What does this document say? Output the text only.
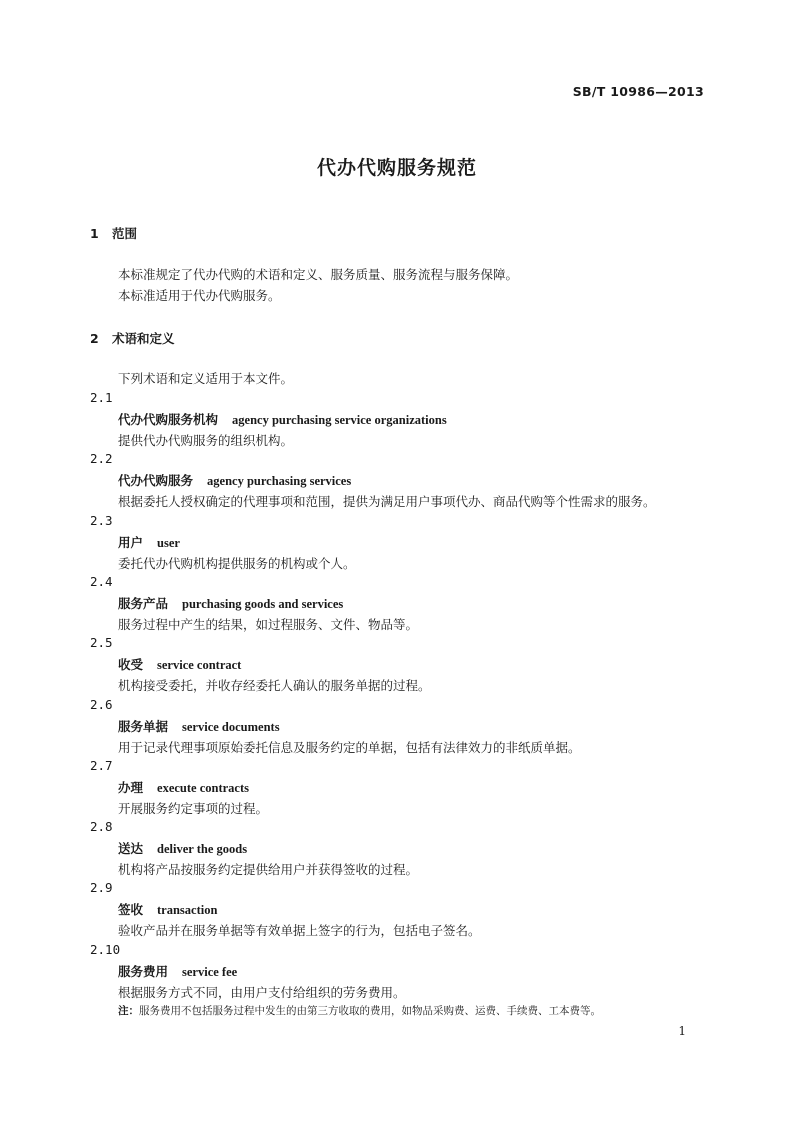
SB/T 10986—2013
代办代购服务规范
1 范围
本标准规定了代办代购的术语和定义、服务质量、服务流程与服务保障。
本标准适用于代办代购服务。
2 术语和定义
下列术语和定义适用于本文件。
2.1
代办代购服务机构 agency purchasing service organizations
提供代办代购服务的组织机构。
2.2
代办代购服务 agency purchasing services
根据委托人授权确定的代理事项和范围，提供为满足用户事项代办、商品代购等个性需求的服务。
2.3
用户 user
委托代办代购机构提供服务的机构或个人。
2.4
服务产品 purchasing goods and services
服务过程中产生的结果，如过程服务、文件、物品等。
2.5
收受 service contract
机构接受委托，并收存经委托人确认的服务单据的过程。
2.6
服务单据 service documents
用于记录代理事项原始委托信息及服务约定的单据，包括有法律效力的非纸质单据。
2.7
办理 execute contracts
开展服务约定事项的过程。
2.8
送达 deliver the goods
机构将产品按服务约定提供给用户并获得签收的过程。
2.9
签收 transaction
验收产品并在服务单据等有效单据上签字的行为，包括电子签名。
2.10
服务费用 service fee
根据服务方式不同，由用户支付给组织的劳务费用。
注：服务费用不包括服务过程中发生的由第三方收取的费用，如物品采购费、运费、手续费、工本费等。
1
